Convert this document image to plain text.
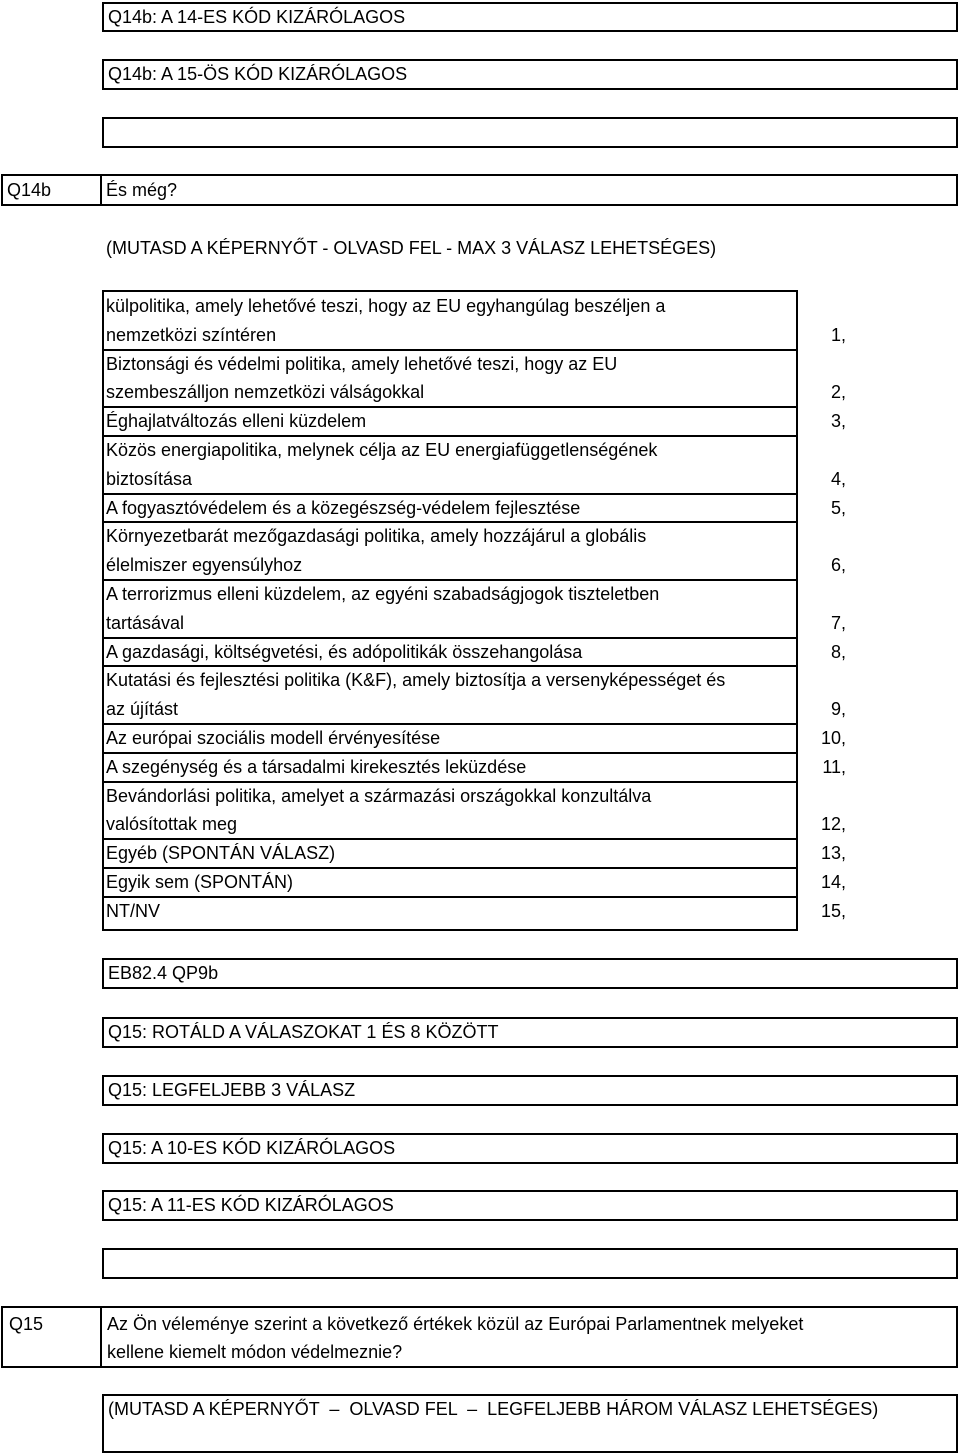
Q14b: A 14-ES KÓD KIZÁRÓLAGOS
Q14b: A 15-ÖS KÓD KIZÁRÓLAGOS
Q14b	És még?
(MUTASD A KÉPERNYŐT - OLVASD FEL - MAX 3 VÁLASZ LEHETSÉGES)
külpolitika, amely lehetővé teszi, hogy az EU egyhangúlag beszéljen a
nemzetközi színtéren	1,
Biztonsági és védelmi politika, amely lehetővé teszi, hogy az EU
szembeszálljon nemzetközi válságokkal	2,
Éghajlatváltozás elleni küzdelem	3,
Közös energiapolitika, melynek célja az EU energiafüggetlenségének
biztosítása	4,
A fogyasztóvédelem és a közegészség-védelem fejlesztése	5,
Környezetbarát mezőgazdasági politika, amely hozzájárul a globális
élelmiszer egyensúlyhoz	6,
A terrorizmus elleni küzdelem, az egyéni szabadságjogok tiszteletben
tartásával	7,
A gazdasági, költségvetési, és adópolitikák összehangolása	8,
Kutatási és fejlesztési politika (K&F), amely biztosítja a versenyképességet és
az újítást	9,
Az európai szociális modell érvényesítése	10,
A szegénység és a társadalmi kirekesztés leküzdése	11,
Bevándorlási politika, amelyet a származási országokkal konzultálva
valósítottak meg	12,
Egyéb (SPONTÁN VÁLASZ)	13,
Egyik sem (SPONTÁN)	14,
NT/NV	15,
EB82.4 QP9b
Q15: ROTÁLD A VÁLASZOKAT 1 ÉS 8 KÖZÖTT
Q15: LEGFELJEBB 3 VÁLASZ
Q15: A 10-ES KÓD KIZÁRÓLAGOS
Q15: A 11-ES KÓD KIZÁRÓLAGOS
Q15	Az Ön véleménye szerint a következő értékek közül az Európai Parlamentnek melyeket
kellene kiemelt módon védelmeznie?
(MUTASD A KÉPERNYŐT  –  OLVASD FEL  –  LEGFELJEBB HÁROM VÁLASZ LEHETSÉGES)
